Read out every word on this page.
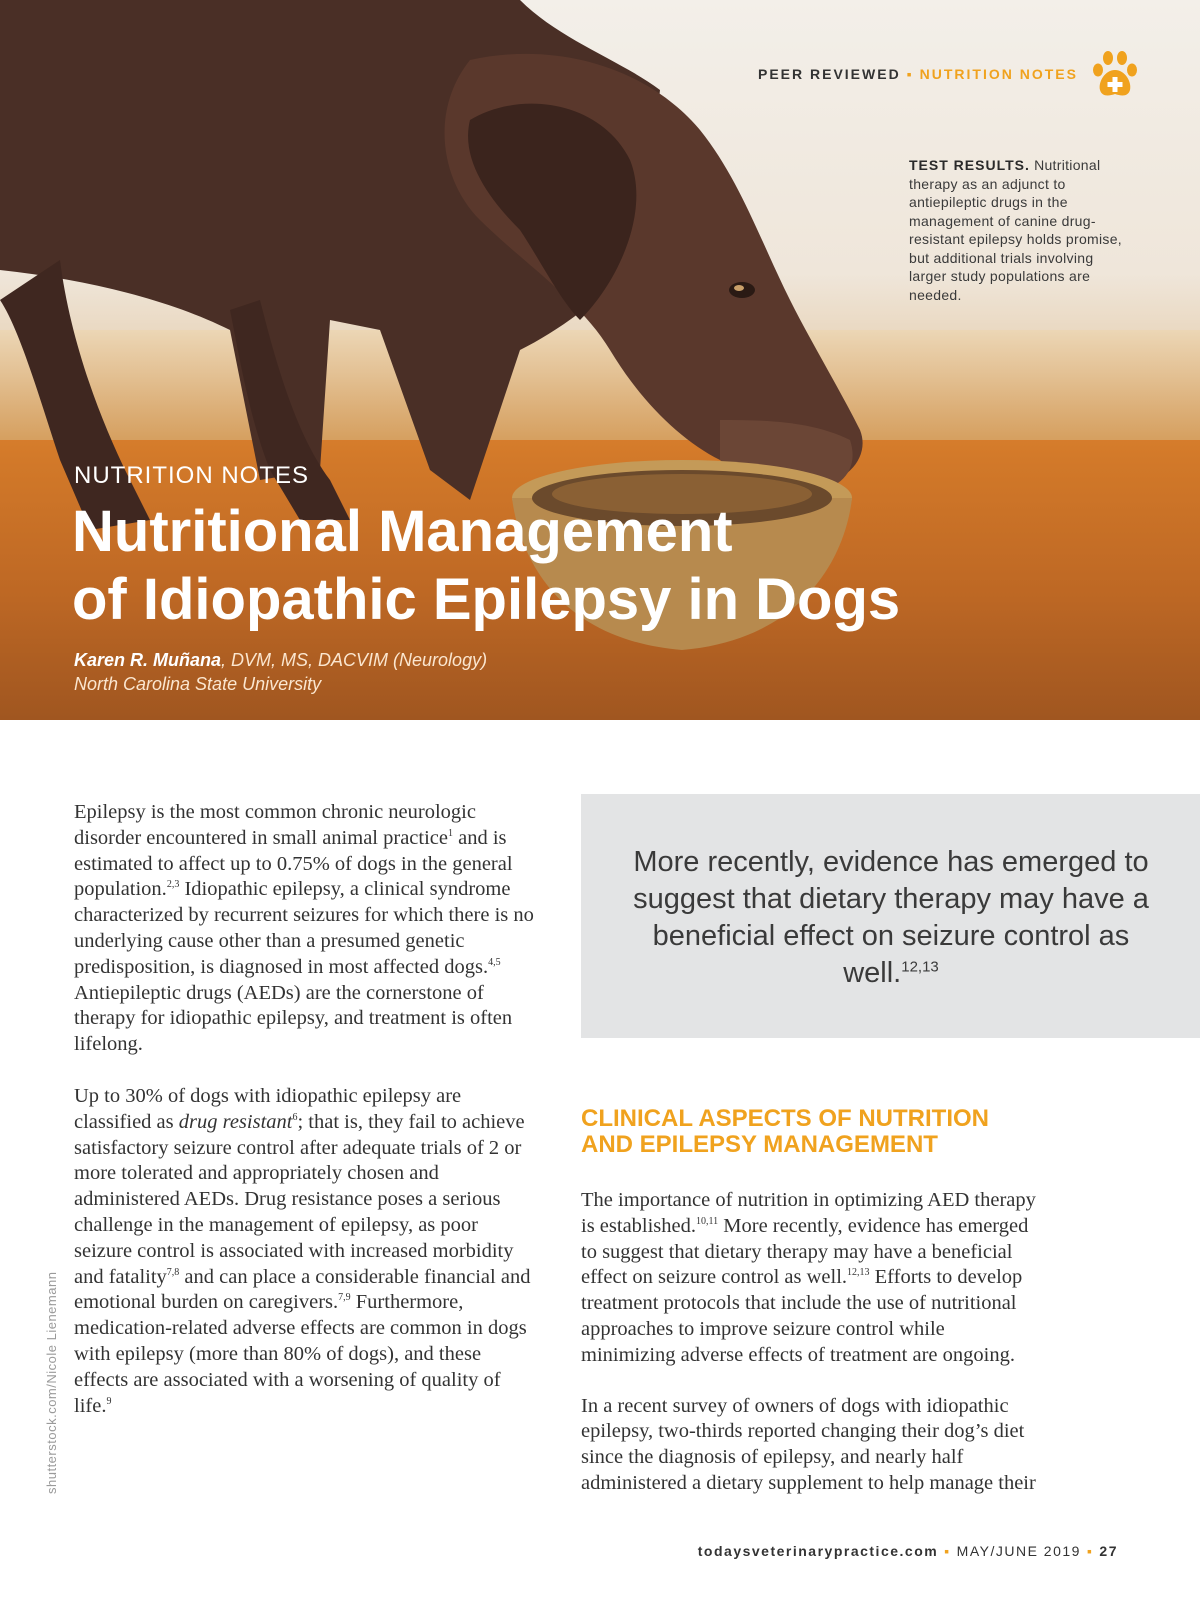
PEER REVIEWED ▪ NUTRITION NOTES
TEST RESULTS. Nutritional therapy as an adjunct to antiepileptic drugs in the management of canine drug-resistant epilepsy holds promise, but additional trials involving larger study populations are needed.
NUTRITION NOTES
Nutritional Management
of Idiopathic Epilepsy in Dogs
Karen R. Muñana, DVM, MS, DACVIM (Neurology)
North Carolina State University

Epilepsy is the most common chronic neurologic disorder encountered in small animal practice$^1$ and is estimated to affect up to 0.75% of dogs in the general population.$^{2,3}$ Idiopathic epilepsy, a clinical syndrome characterized by recurrent seizures for which there is no underlying cause other than a presumed genetic predisposition, is diagnosed in most affected dogs.$^{4,5}$ Antiepileptic drugs (AEDs) are the cornerstone of therapy for idiopathic epilepsy, and treatment is often lifelong.

Up to 30% of dogs with idiopathic epilepsy are classified as drug resistant$^6$; that is, they fail to achieve satisfactory seizure control after adequate trials of 2 or more tolerated and appropriately chosen and administered AEDs. Drug resistance poses a serious challenge in the management of epilepsy, as poor seizure control is associated with increased morbidity and fatality$^{7,8}$ and can place a considerable financial and emotional burden on caregivers.$^{7,9}$ Furthermore, medication-related adverse effects are common in dogs with epilepsy (more than 80% of dogs), and these effects are associated with a worsening of quality of life.$^9$

More recently, evidence has emerged to suggest that dietary therapy may have a beneficial effect on seizure control as well.$^{12,13}$

CLINICAL ASPECTS OF NUTRITION AND EPILEPSY MANAGEMENT

The importance of nutrition in optimizing AED therapy is established.$^{10,11}$ More recently, evidence has emerged to suggest that dietary therapy may have a beneficial effect on seizure control as well.$^{12,13}$ Efforts to develop treatment protocols that include the use of nutritional approaches to improve seizure control while minimizing adverse effects of treatment are ongoing.

In a recent survey of owners of dogs with idiopathic epilepsy, two-thirds reported changing their dog’s diet since the diagnosis of epilepsy, and nearly half administered a dietary supplement to help manage their

shutterstock.com/Nicole Lienemann
todaysveterinarypractice.com ▪ MAY/JUNE 2019 ▪ 27
